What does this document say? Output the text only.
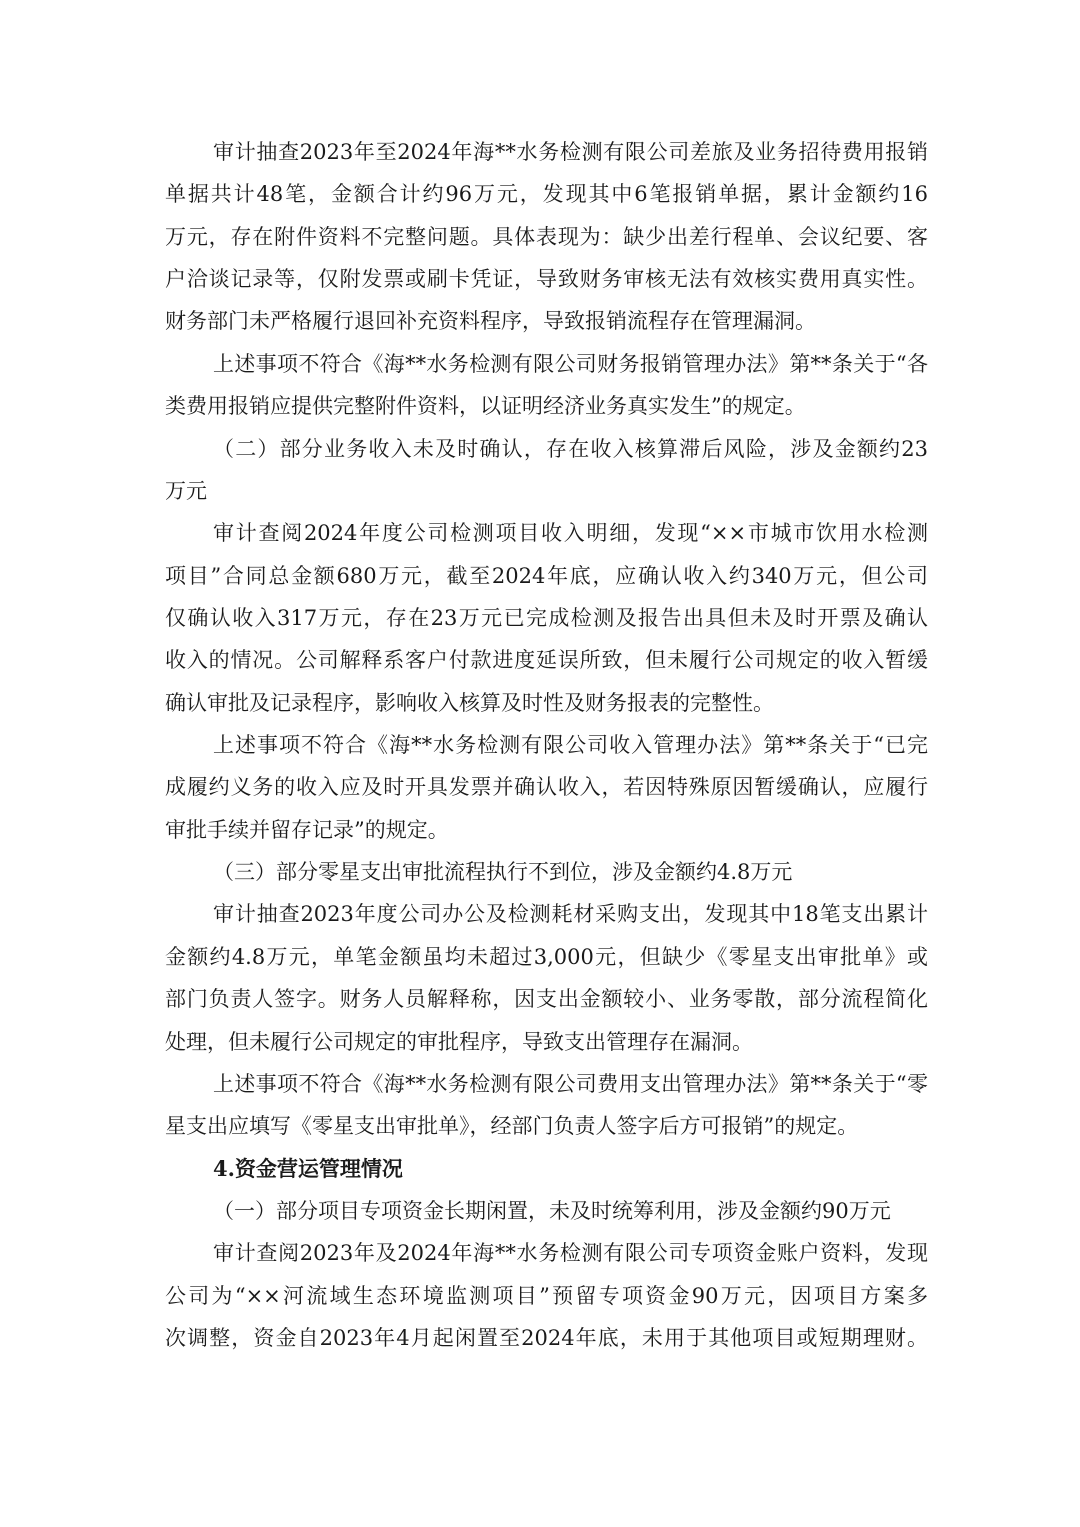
审计抽查2023年至2024年海**水务检测有限公司差旅及业务招待费用报销
单据共计48笔，金额合计约96万元，发现其中6笔报销单据，累计金额约16
万元，存在附件资料不完整问题。具体表现为：缺少出差行程单、会议纪要、客
户洽谈记录等，仅附发票或刷卡凭证，导致财务审核无法有效核实费用真实性。
财务部门未严格履行退回补充资料程序，导致报销流程存在管理漏洞。
上述事项不符合《海**水务检测有限公司财务报销管理办法》第**条关于“各
类费用报销应提供完整附件资料，以证明经济业务真实发生”的规定。
（二）部分业务收入未及时确认，存在收入核算滞后风险，涉及金额约23
万元
审计查阅2024年度公司检测项目收入明细，发现“××市城市饮用水检测
项目”合同总金额680万元，截至2024年底，应确认收入约340万元，但公司
仅确认收入317万元，存在23万元已完成检测及报告出具但未及时开票及确认
收入的情况。公司解释系客户付款进度延误所致，但未履行公司规定的收入暂缓
确认审批及记录程序，影响收入核算及时性及财务报表的完整性。
上述事项不符合《海**水务检测有限公司收入管理办法》第**条关于“已完
成履约义务的收入应及时开具发票并确认收入，若因特殊原因暂缓确认，应履行
审批手续并留存记录”的规定。
（三）部分零星支出审批流程执行不到位，涉及金额约4.8万元
审计抽查2023年度公司办公及检测耗材采购支出，发现其中18笔支出累计
金额约4.8万元，单笔金额虽均未超过3,000元，但缺少《零星支出审批单》或
部门负责人签字。财务人员解释称，因支出金额较小、业务零散，部分流程简化
处理，但未履行公司规定的审批程序，导致支出管理存在漏洞。
上述事项不符合《海**水务检测有限公司费用支出管理办法》第**条关于“零
星支出应填写《零星支出审批单》，经部门负责人签字后方可报销”的规定。
4.资金营运管理情况
（一）部分项目专项资金长期闲置，未及时统筹利用，涉及金额约90万元
审计查阅2023年及2024年海**水务检测有限公司专项资金账户资料，发现
公司为“××河流域生态环境监测项目”预留专项资金90万元，因项目方案多
次调整，资金自2023年4月起闲置至2024年底，未用于其他项目或短期理财。
